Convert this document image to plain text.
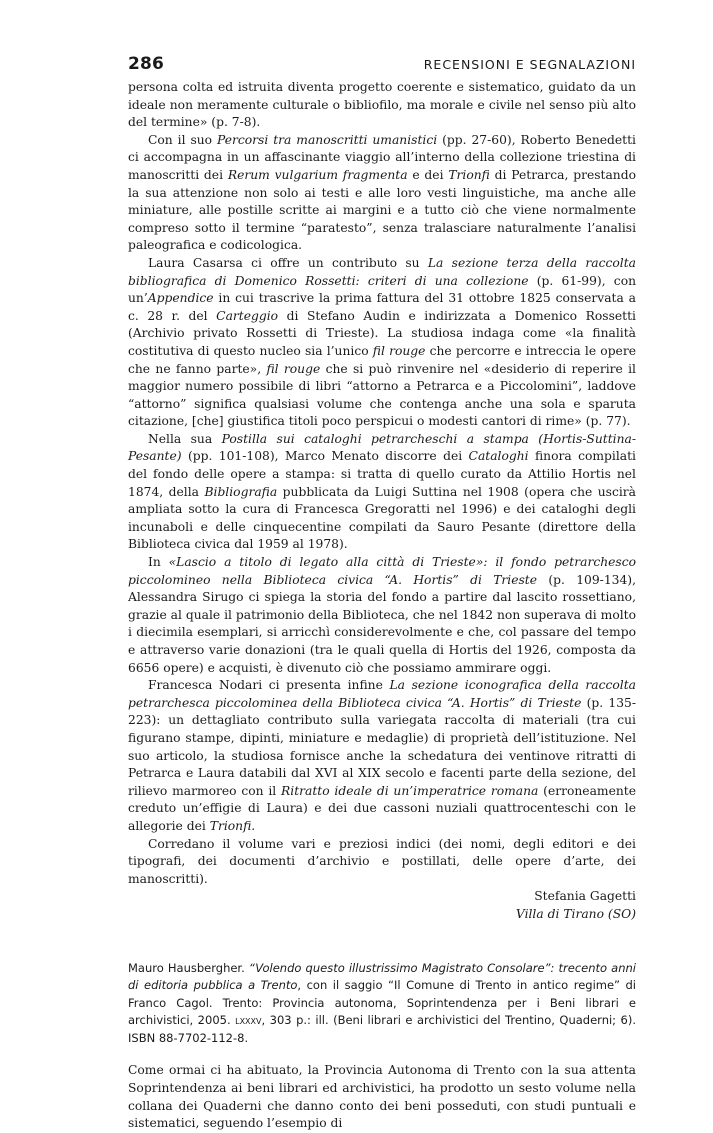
286	RECENSIONI E SEGNALAZIONI

persona colta ed istruita diventa progetto coerente e sistematico, guidato da un ideale non meramente culturale o bibliofilo, ma morale e civile nel senso più alto del termine» (p. 7-8).

Con il suo Percorsi tra manoscritti umanistici (pp. 27-60), Roberto Benedetti ci accompagna in un affascinante viaggio all’interno della collezione triestina di manoscritti dei Rerum vulgarium fragmenta e dei Trionfi di Petrarca, prestando la sua attenzione non solo ai testi e alle loro vesti linguistiche, ma anche alle miniature, alle postille scritte ai margini e a tutto ciò che viene normalmente compreso sotto il termine “paratesto”, senza tralasciare naturalmente l’analisi paleografica e codicologica.

Laura Casarsa ci offre un contributo su La sezione terza della raccolta bibliografica di Domenico Rossetti: criteri di una collezione (p. 61-99), con un’Appendice in cui trascrive la prima fattura del 31 ottobre 1825 conservata a c. 28 r. del Carteggio di Stefano Audin e indirizzata a Domenico Rossetti (Archivio privato Rossetti di Trieste). La studiosa indaga come «la finalità costitutiva di questo nucleo sia l’unico fil rouge che percorre e intreccia le opere che ne fanno parte», fil rouge che si può rinvenire nel «desiderio di reperire il maggior numero possibile di libri “attorno a Petrarca e a Piccolomini”, laddove “attorno” significa qualsiasi volume che contenga anche una sola e sparuta citazione, [che] giustifica titoli poco perspicui o modesti cantori di rime» (p. 77).

Nella sua Postilla sui cataloghi petrarcheschi a stampa (Hortis-Suttina-Pesante) (pp. 101-108), Marco Menato discorre dei Cataloghi finora compilati del fondo delle opere a stampa: si tratta di quello curato da Attilio Hortis nel 1874, della Bibliografia pubblicata da Luigi Suttina nel 1908 (opera che uscirà ampliata sotto la cura di Francesca Gregoratti nel 1996) e dei cataloghi degli incunaboli e delle cinquecentine compilati da Sauro Pesante (direttore della Biblioteca civica dal 1959 al 1978).

In «Lascio a titolo di legato alla città di Trieste»: il fondo petrarchesco piccolomineo nella Biblioteca civica “A. Hortis” di Trieste (p. 109-134), Alessandra Sirugo ci spiega la storia del fondo a partire dal lascito rossettiano, grazie al quale il patrimonio della Biblioteca, che nel 1842 non superava di molto i diecimila esemplari, si arricchì considerevolmente e che, col passare del tempo e attraverso varie donazioni (tra le quali quella di Hortis del 1926, composta da 6656 opere) e acquisti, è divenuto ciò che possiamo ammirare oggi.

Francesca Nodari ci presenta infine La sezione iconografica della raccolta petrarchesca piccolominea della Biblioteca civica “A. Hortis” di Trieste (p. 135-223): un dettagliato contributo sulla variegata raccolta di materiali (tra cui figurano stampe, dipinti, miniature e medaglie) di proprietà dell’istituzione. Nel suo articolo, la studiosa fornisce anche la schedatura dei ventinove ritratti di Petrarca e Laura databili dal XVI al XIX secolo e facenti parte della sezione, del rilievo marmoreo con il Ritratto ideale di un’imperatrice romana (erroneamente creduto un’effigie di Laura) e dei due cassoni nuziali quattrocenteschi con le allegorie dei Trionfi.

Corredano il volume vari e preziosi indici (dei nomi, degli editori e dei tipografi, dei documenti d’archivio e postillati, delle opere d’arte, dei manoscritti).

Stefania Gagetti
Villa di Tirano (SO)
Mauro Hausbergher. “Volendo questo illustrissimo Magistrato Consolare”: trecento anni di editoria pubblica a Trento, con il saggio “Il Comune di Trento in antico regime” di Franco Cagol. Trento: Provincia autonoma, Soprintendenza per i Beni librari e archivistici, 2005. lxxxv, 303 p.: ill. (Beni librari e archivistici del Trentino, Quaderni; 6). ISBN 88-7702-112-8.

Come ormai ci ha abituato, la Provincia Autonoma di Trento con la sua attenta Soprintendenza ai beni librari ed archivistici, ha prodotto un sesto volume nella collana dei Quaderni che danno conto dei beni posseduti, con studi puntuali e sistematici, seguendo l’esempio di
